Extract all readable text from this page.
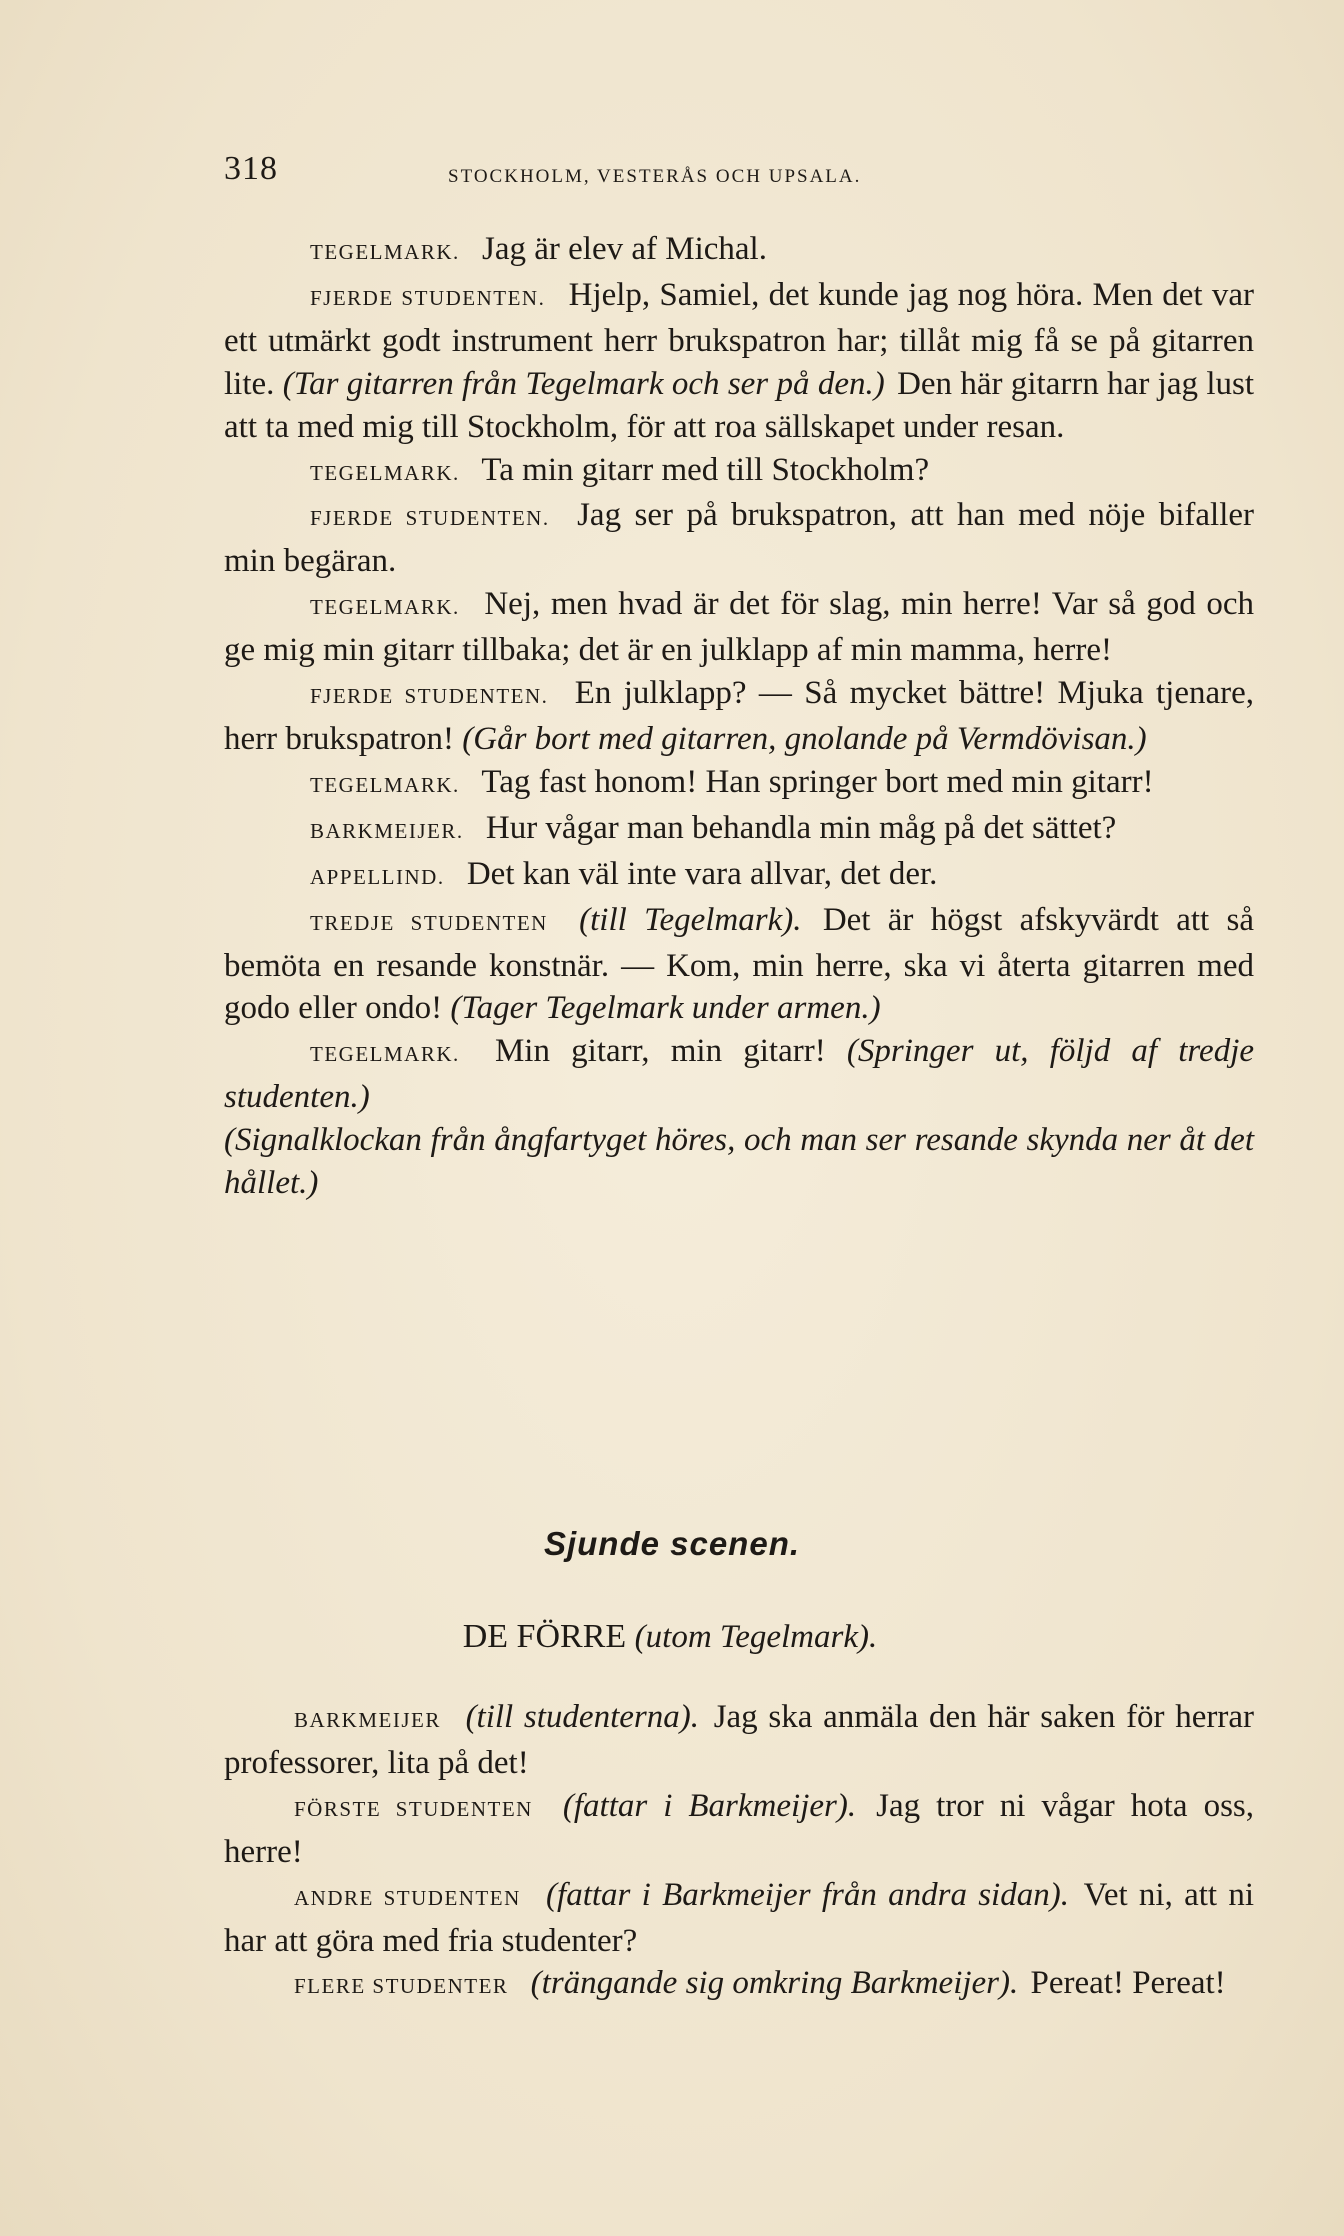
318	STOCKHOLM, VESTERÅS OCH UPSALA.

TEGELMARK. Jag är elev af Michal.

FJERDE STUDENTEN. Hjelp, Samiel, det kunde jag nog höra. Men det var ett utmärkt godt instrument herr brukspatron har; tillåt mig få se på gitarren lite. (Tar gitarren från Tegelmark och ser på den.) Den här gitarrn har jag lust att ta med mig till Stockholm, för att roa sällskapet under resan.

TEGELMARK. Ta min gitarr med till Stockholm?

FJERDE STUDENTEN. Jag ser på brukspatron, att han med nöje bifaller min begäran.

TEGELMARK. Nej, men hvad är det för slag, min herre! Var så god och ge mig min gitarr tillbaka; det är en julklapp af min mamma, herre!

FJERDE STUDENTEN. En julklapp? — Så mycket bättre! Mjuka tjenare, herr brukspatron! (Går bort med gitarren, gnolande på Vermdövisan.)

TEGELMARK. Tag fast honom! Han springer bort med min gitarr!

BARKMEIJER. Hur vågar man behandla min måg på det sättet?

APPELLIND. Det kan väl inte vara allvar, det der.

TREDJE STUDENTEN (till Tegelmark). Det är högst afskyvärdt att så bemöta en resande konstnär. — Kom, min herre, ska vi återta gitarren med godo eller ondo! (Tager Tegelmark under armen.)

TEGELMARK. Min gitarr, min gitarr! (Springer ut, följd af tredje studenten.)

(Signalklockan från ångfartyget höres, och man ser resande skynda ner åt det hållet.)

Sjunde scenen.
DE FÖRRE (utom Tegelmark).

BARKMEIJER (till studenterna). Jag ska anmäla den här saken för herrar professorer, lita på det!

FÖRSTE STUDENTEN (fattar i Barkmeijer). Jag tror ni vågar hota oss, herre!

ANDRE STUDENTEN (fattar i Barkmeijer från andra sidan). Vet ni, att ni har att göra med fria studenter?

FLERE STUDENTER (trängande sig omkring Barkmeijer). Pereat! Pereat!
